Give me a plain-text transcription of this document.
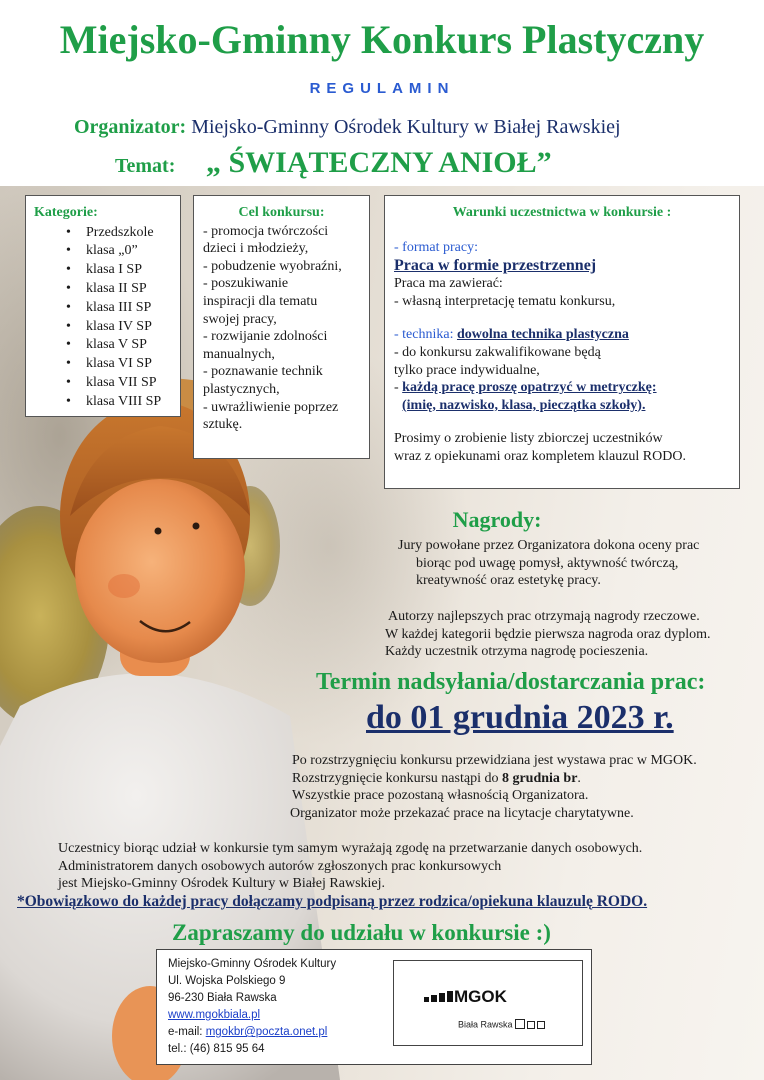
Miejsko-Gminny Konkurs Plastyczny
REGULAMIN
Organizator: Miejsko-Gminny Ośrodek Kultury w Białej Rawskiej
Temat: „ ŚWIĄTECZNY ANIOŁ”
Kategorie:
• Przedszkole
• klasa „0”
• klasa I SP
• klasa II SP
• klasa III SP
• klasa IV SP
• klasa V SP
• klasa VI SP
• klasa VII SP
• klasa VIII SP
Cel konkursu:
- promocja twórczości
dzieci i młodzieży,
- pobudzenie wyobraźni,
- poszukiwanie
inspiracji dla tematu
swojej pracy,
- rozwijanie zdolności
manualnych,
- poznawanie technik
plastycznych,
- uwrażliwienie poprzez
sztukę.
Warunki uczestnictwa w konkursie :
- format pracy:
Praca w formie przestrzennej
Praca ma zawierać:
- własną interpretację tematu konkursu,
- technika: dowolna technika plastyczna
- do konkursu zakwalifikowane będą
tylko prace indywidualne,
- każdą pracę proszę opatrzyć w metryczkę:
(imię, nazwisko, klasa, pieczątka szkoły).
Prosimy o zrobienie listy zbiorczej uczestników
wraz z opiekunami oraz kompletem klauzul RODO.
Nagrody:
Jury powołane przez Organizatora dokona oceny prac
biorąc pod uwagę pomysł, aktywność twórczą,
kreatywność oraz estetykę pracy.
Autorzy najlepszych prac otrzymają nagrody rzeczowe.
W każdej kategorii będzie pierwsza nagroda oraz dyplom.
Każdy uczestnik otrzyma nagrodę pocieszenia.
Termin nadsyłania/dostarczania prac:
do 01 grudnia 2023 r.
Po rozstrzygnięciu konkursu przewidziana jest wystawa prac w MGOK.
Rozstrzygnięcie konkursu nastąpi do 8 grudnia br.
Wszystkie prace pozostaną własnością Organizatora.
Organizator może przekazać prace na licytacje charytatywne.
Uczestnicy biorąc udział w konkursie tym samym wyrażają zgodę na przetwarzanie danych osobowych.
Administratorem danych osobowych autorów zgłoszonych prac konkursowych
jest Miejsko-Gminny Ośrodek Kultury w Białej Rawskiej.
*Obowiązkowo do każdej pracy dołączamy podpisaną przez rodzica/opiekuna klauzulę RODO.
Zapraszamy do udziału w konkursie :)
Miejsko-Gminny Ośrodek Kultury
Ul. Wojska Polskiego 9
96-230 Biała Rawska
www.mgokbiala.pl
e-mail: mgokbr@poczta.onet.pl
tel.: (46) 815 95 64
MGOK
Biała Rawska
